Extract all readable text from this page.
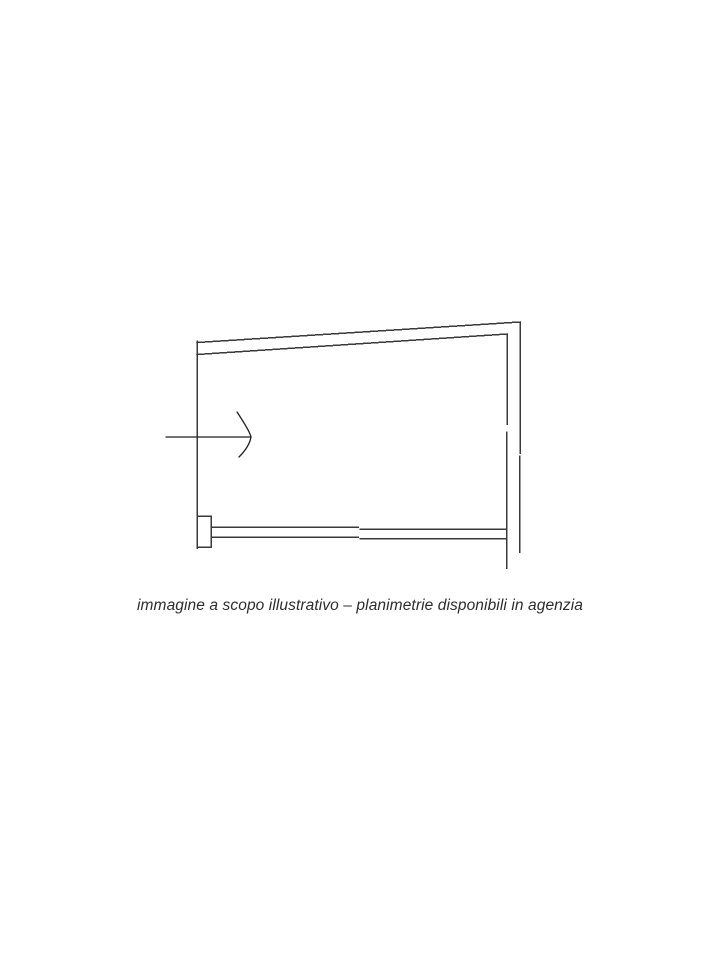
immagine a scopo illustrativo – planimetrie disponibili in agenzia
